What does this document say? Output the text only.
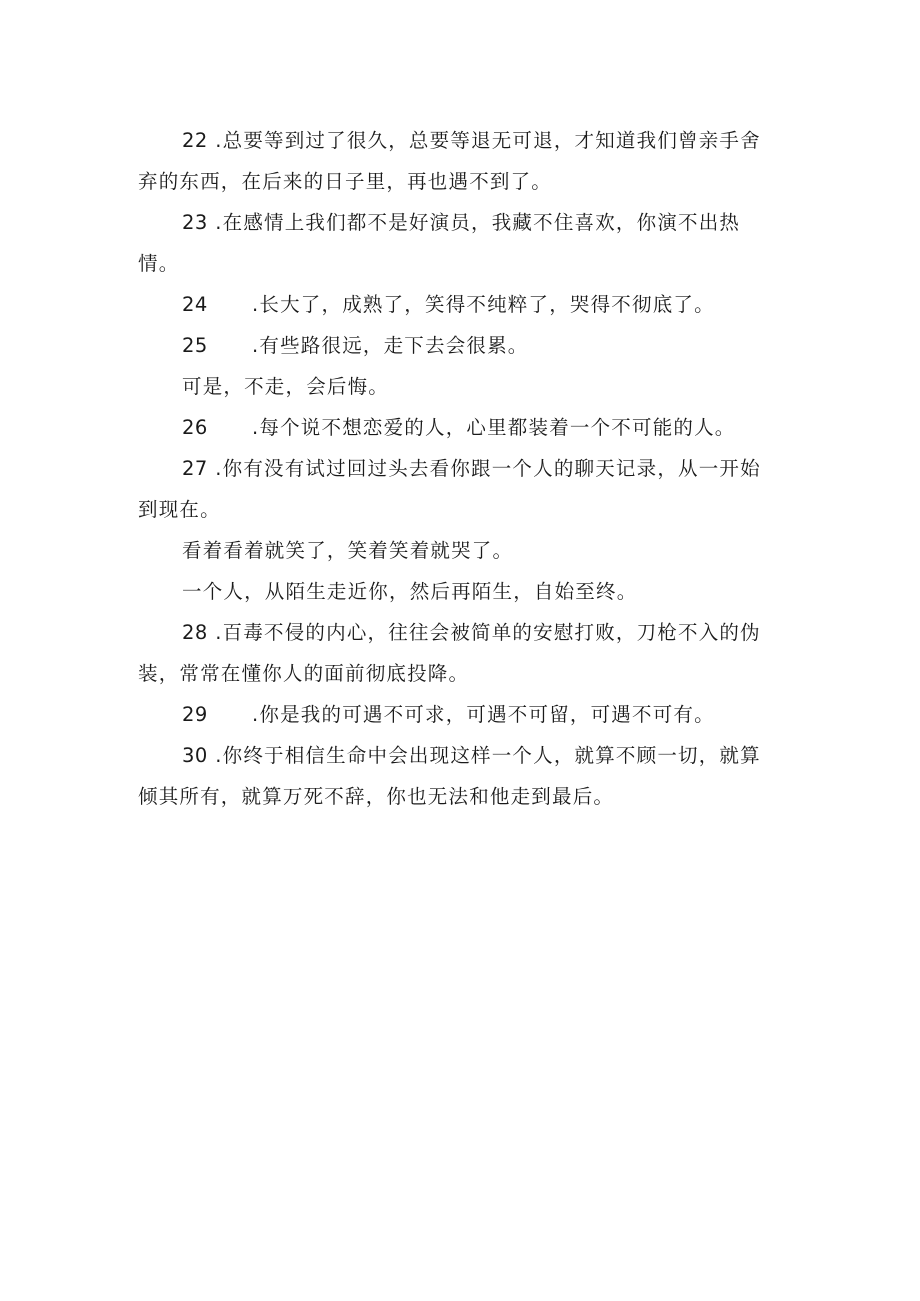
22 .总要等到过了很久，总要等退无可退，才知道我们曾亲手舍弃的东西，在后来的日子里，再也遇不到了。

23 .在感情上我们都不是好演员，我藏不住喜欢，你演不出热情。

24 .长大了，成熟了，笑得不纯粹了，哭得不彻底了。

25 .有些路很远，走下去会很累。

可是，不走，会后悔。

26 .每个说不想恋爱的人，心里都装着一个不可能的人。

27 .你有没有试过回过头去看你跟一个人的聊天记录，从一开始到现在。

看着看着就笑了，笑着笑着就哭了。

一个人，从陌生走近你，然后再陌生，自始至终。

28 .百毒不侵的内心，往往会被简单的安慰打败，刀枪不入的伪装，常常在懂你人的面前彻底投降。

29 .你是我的可遇不可求，可遇不可留，可遇不可有。

30 .你终于相信生命中会出现这样一个人，就算不顾一切，就算倾其所有，就算万死不辞，你也无法和他走到最后。
